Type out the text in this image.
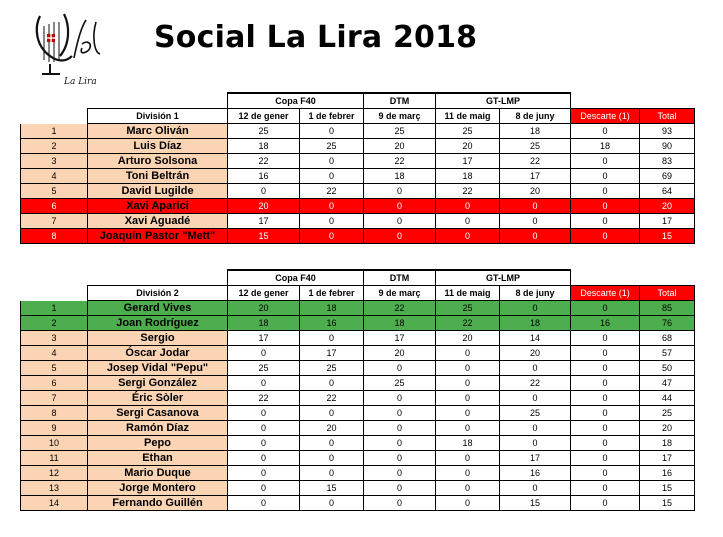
La Lira
Social La Lira 2018
		Copa F40		DTM	GT-LMP			
	División 1	12 de gener	1 de febrer	9 de març	11 de maig	8 de juny	Descarte (1)	Total
1	Marc Oliván	25	0	25	25	18	0	93
2	Luis Díaz	18	25	20	20	25	18	90
3	Arturo Solsona	22	0	22	17	22	0	83
4	Toni Beltrán	16	0	18	18	17	0	69
5	David Lugilde	0	22	0	22	20	0	64
6	Xavi Aparici	20	0	0	0	0	0	20
7	Xavi Aguadé	17	0	0	0	0	0	17
8	Joaquín Pastor "Mett"	15	0	0	0	0	0	15
		Copa F40		DTM	GT-LMP			
	División 2	12 de gener	1 de febrer	9 de març	11 de maig	8 de juny	Descarte (1)	Total
1	Gerard Vives	20	18	22	25	0	0	85
2	Joan Rodríguez	18	16	18	22	18	16	76
3	Sergio	17	0	17	20	14	0	68
4	Óscar Jodar	0	17	20	0	20	0	57
5	Josep Vidal "Pepu"	25	25	0	0	0	0	50
6	Sergi González	0	0	25	0	22	0	47
7	Éric Sòler	22	22	0	0	0	0	44
8	Sergi Casanova	0	0	0	0	25	0	25
9	Ramón Díaz	0	20	0	0	0	0	20
10	Pepo	0	0	0	18	0	0	18
11	Ethan	0	0	0	0	17	0	17
12	Mario Duque	0	0	0	0	16	0	16
13	Jorge Montero	0	15	0	0	0	0	15
14	Fernando Guillén	0	0	0	0	15	0	15
